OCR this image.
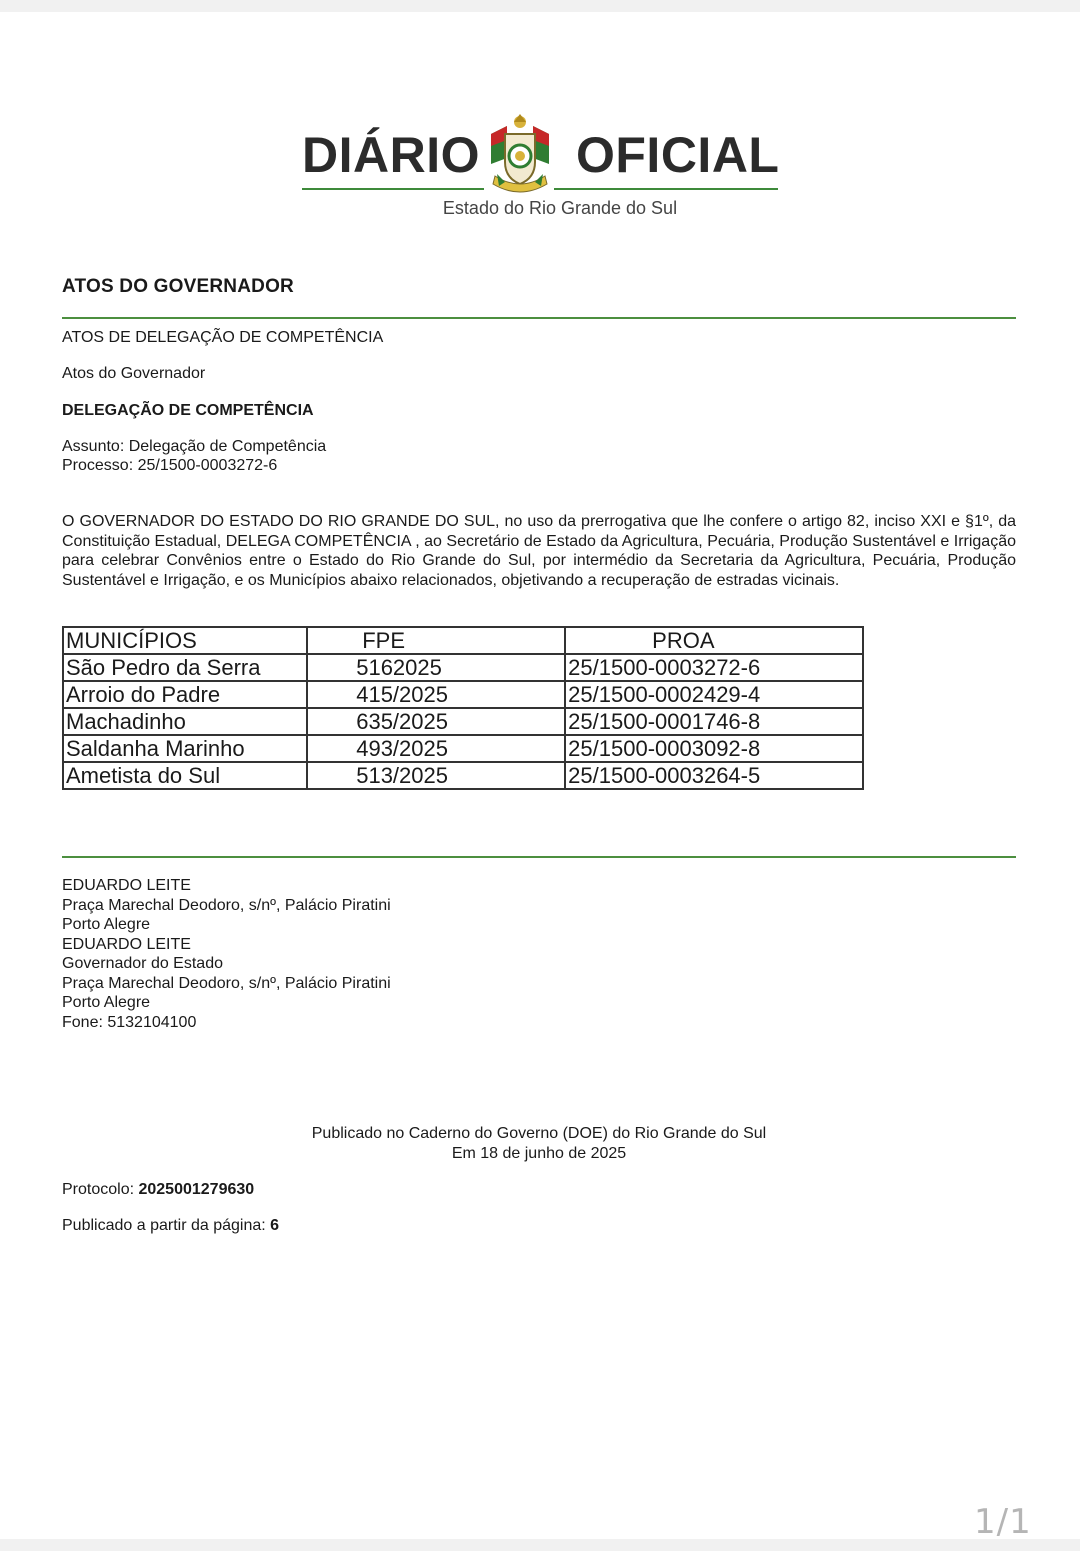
DIÁRIO OFICIAL
Estado do Rio Grande do Sul
ATOS DO GOVERNADOR
ATOS DE DELEGAÇÃO DE COMPETÊNCIA
Atos do Governador
DELEGAÇÃO DE COMPETÊNCIA
Assunto: Delegação de Competência
Processo: 25/1500-0003272-6
O GOVERNADOR DO ESTADO DO RIO GRANDE DO SUL, no uso da prerrogativa que lhe confere o artigo 82, inciso XXI e §1º, da Constituição Estadual, DELEGA COMPETÊNCIA , ao Secretário de Estado da Agricultura, Pecuária, Produção Sustentável e Irrigação para celebrar Convênios entre o Estado do Rio Grande do Sul, por intermédio da Secretaria da Agricultura, Pecuária, Produção Sustentável e Irrigação, e os Municípios abaixo relacionados, objetivando a recuperação de estradas vicinais.
MUNICÍPIOS	FPE	PROA
São Pedro da Serra	5162025	25/1500-0003272-6
Arroio do Padre	415/2025	25/1500-0002429-4
Machadinho	635/2025	25/1500-0001746-8
Saldanha Marinho	493/2025	25/1500-0003092-8
Ametista do Sul	513/2025	25/1500-0003264-5
EDUARDO LEITE
Praça Marechal Deodoro, s/nº, Palácio Piratini
Porto Alegre
EDUARDO LEITE
Governador do Estado
Praça Marechal Deodoro, s/nº, Palácio Piratini
Porto Alegre
Fone: 5132104100
Publicado no Caderno do Governo (DOE) do Rio Grande do Sul
Em 18 de junho de 2025
Protocolo: 2025001279630
Publicado a partir da página: 6
1/1
